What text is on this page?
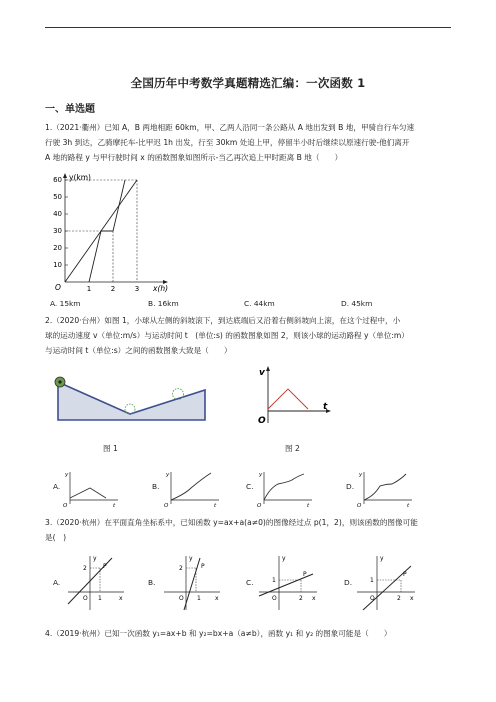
全国历年中考数学真题精选汇编：一次函数 1
一、单选题
1.（2021·衢州）已知 A，B 两地相距 60km，甲、乙两人沿同一条公路从 A 地出发到 B 地，甲骑自行车匀速
行驶 3h 到达，乙骑摩托车-比甲迟 1h 出发，行至 30km 处追上甲，停留半小时后继续以原速行驶-他们离开
A 地的路程 y 与甲行驶时间 x 的函数图象如图所示-当乙再次追上甲时距离 B 地（　　）
y(km)
x(h)
O
10
20
30
40
50
60
1	2	3
A. 15km	B. 16km	C. 44km	D. 45km
2.（2020·台州）如图 1，小球从左侧的斜坡滚下，到达底端后又沿着右侧斜坡向上滚，在这个过程中，小
球的运动速度 v（单位:m/s）与运动时间 t　(单位:s) 的函数图象如图 2，则该小球的运动路程 y（单位:m）
与运动时间 t（单位:s）之间的函数图象大致是（　　）
图 1
v
t
O
图 2
A.
y
t
O
B.
y
t
O
C.
y
t
O
D.
y
t
O
3.（2020·杭州）在平面直角坐标系中，已知函数 y=ax+a(a≠0)的图像经过点 p(1，2)，则该函数的图像可能
是(　)
A.
y
x
O
P
2
1
B.
y
x
O
P
2
1
C.
y
x
O
P
1
2
D.
y
x
O
P
1
2
4.（2019·杭州）已知一次函数 y₁=ax+b 和 y₂=bx+a（a≠b），函数 y₁ 和 y₂ 的图象可能是（　　）
